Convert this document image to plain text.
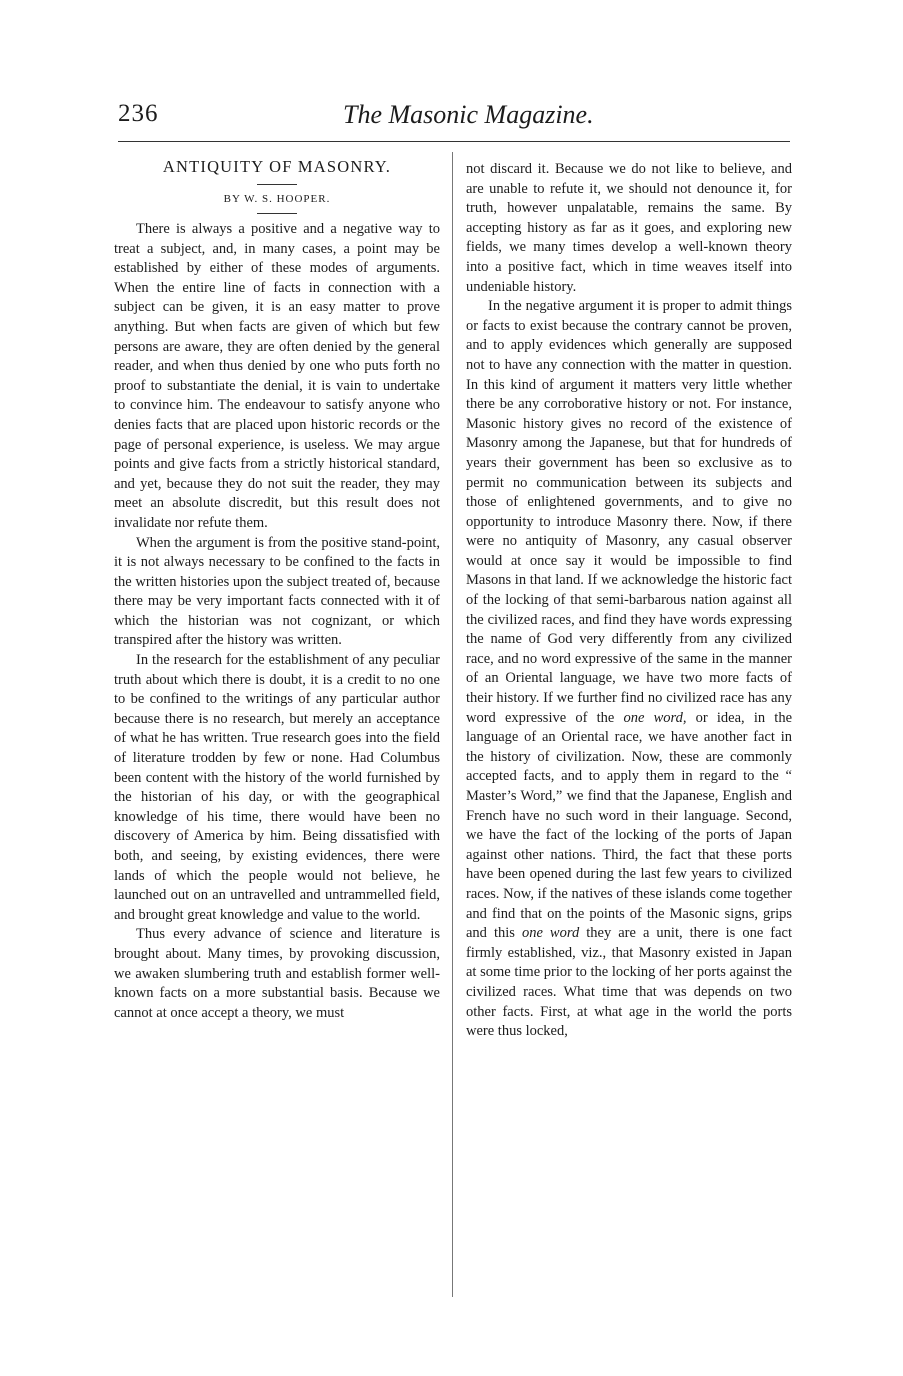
236	The Masonic Magazine.
ANTIQUITY OF MASONRY.
BY W. S. HOOPER.

There is always a positive and a negative way to treat a subject, and, in many cases, a point may be established by either of these modes of arguments. When the entire line of facts in connection with a subject can be given, it is an easy matter to prove anything. But when facts are given of which but few persons are aware, they are often denied by the general reader, and when thus denied by one who puts forth no proof to substantiate the denial, it is vain to undertake to convince him. The endeavour to satisfy anyone who denies facts that are placed upon historic records or the page of personal experience, is useless. We may argue points and give facts from a strictly historical standard, and yet, because they do not suit the reader, they may meet an absolute discredit, but this result does not invalidate nor refute them.

When the argument is from the positive stand-point, it is not always necessary to be confined to the facts in the written histories upon the subject treated of, because there may be very important facts connected with it of which the historian was not cognizant, or which transpired after the history was written.

In the research for the establishment of any peculiar truth about which there is doubt, it is a credit to no one to be confined to the writings of any particular author because there is no research, but merely an acceptance of what he has written. True research goes into the field of literature trodden by few or none. Had Columbus been content with the history of the world furnished by the historian of his day, or with the geographical knowledge of his time, there would have been no discovery of America by him. Being dissatisfied with both, and seeing, by existing evidences, there were lands of which the people would not believe, he launched out on an untravelled and untrammelled field, and brought great knowledge and value to the world.

Thus every advance of science and literature is brought about. Many times, by provoking discussion, we awaken slumbering truth and establish former well-known facts on a more substantial basis. Because we cannot at once accept a theory, we must

not discard it. Because we do not like to believe, and are unable to refute it, we should not denounce it, for truth, however unpalatable, remains the same. By accepting history as far as it goes, and exploring new fields, we many times develop a well-known theory into a positive fact, which in time weaves itself into undeniable history.

In the negative argument it is proper to admit things or facts to exist because the contrary cannot be proven, and to apply evidences which generally are supposed not to have any connection with the matter in question. In this kind of argument it matters very little whether there be any corroborative history or not. For instance, Masonic history gives no record of the existence of Masonry among the Japanese, but that for hundreds of years their government has been so exclusive as to permit no communication between its subjects and those of enlightened governments, and to give no opportunity to introduce Masonry there. Now, if there were no antiquity of Masonry, any casual observer would at once say it would be impossible to find Masons in that land. If we acknowledge the historic fact of the locking of that semi-barbarous nation against all the civilized races, and find they have words expressing the name of God very differently from any civilized race, and no word expressive of the same in the manner of an Oriental language, we have two more facts of their history. If we further find no civilized race has any word expressive of the one word, or idea, in the language of an Oriental race, we have another fact in the history of civilization. Now, these are commonly accepted facts, and to apply them in regard to the “ Master’s Word,” we find that the Japanese, English and French have no such word in their language. Second, we have the fact of the locking of the ports of Japan against other nations. Third, the fact that these ports have been opened during the last few years to civilized races. Now, if the natives of these islands come together and find that on the points of the Masonic signs, grips and this one word they are a unit, there is one fact firmly established, viz., that Masonry existed in Japan at some time prior to the locking of her ports against the civilized races. What time that was depends on two other facts. First, at what age in the world the ports were thus locked,
